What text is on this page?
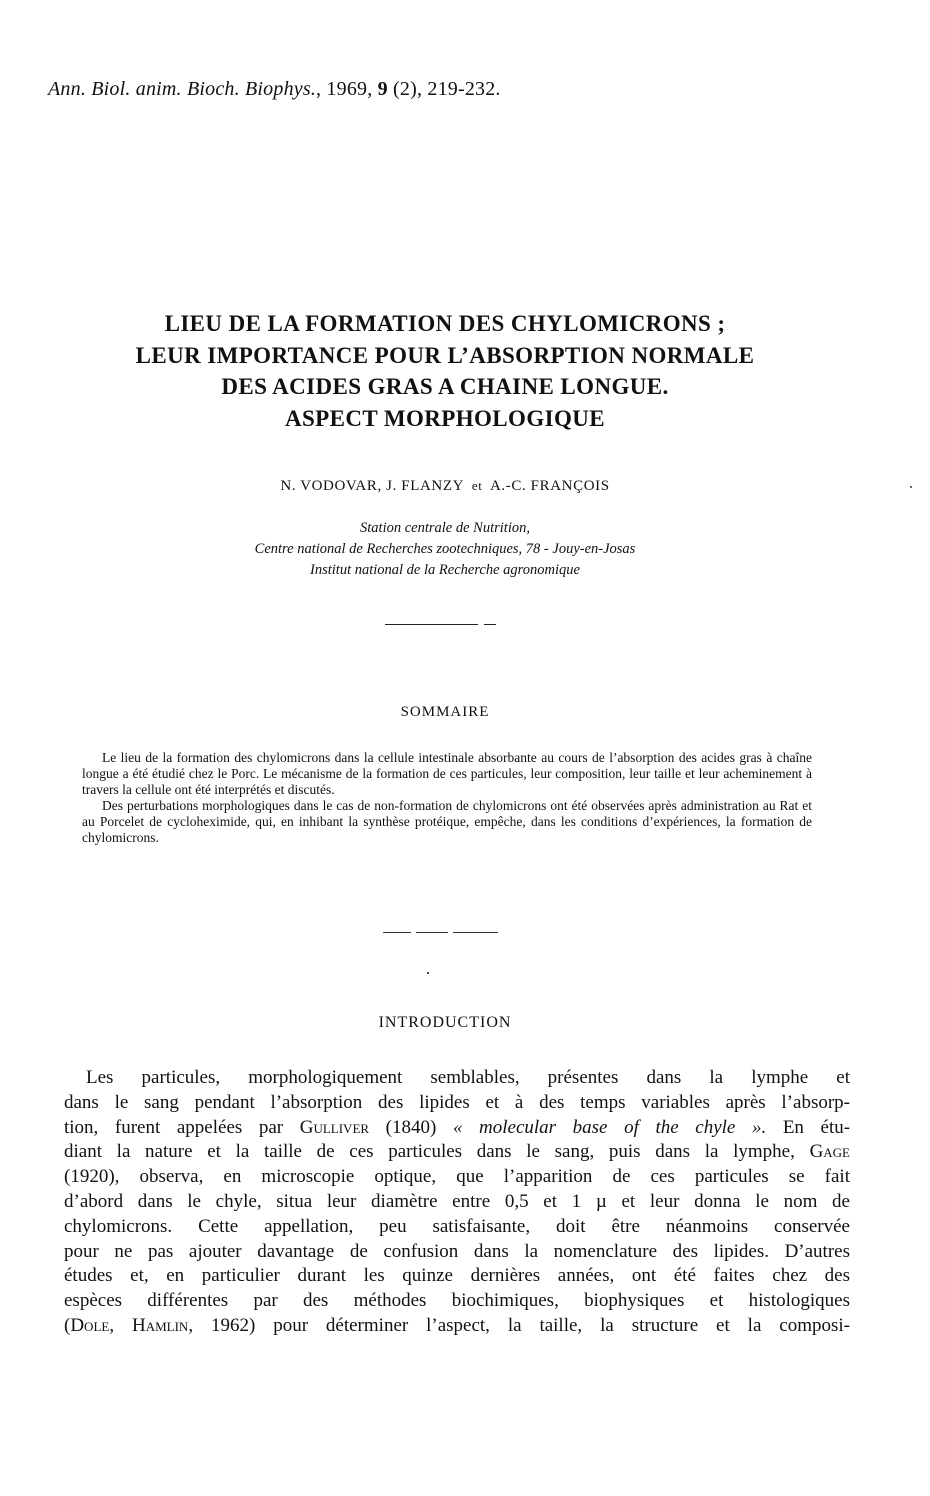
Ann. Biol. anim. Bioch. Biophys., 1969, 9 (2), 219-232.
LIEU DE LA FORMATION DES CHYLOMICRONS ;
LEUR IMPORTANCE POUR L’ABSORPTION NORMALE
DES ACIDES GRAS A CHAINE LONGUE.
ASPECT MORPHOLOGIQUE
N. VODOVAR, J. FLANZY et A.-C. FRANÇOIS
Station centrale de Nutrition,
Centre national de Recherches zootechniques, 78 - Jouy-en-Josas
Institut national de la Recherche agronomique
SOMMAIRE

Le lieu de la formation des chylomicrons dans la cellule intestinale absorbante au cours de l’absorption des acides gras à chaîne longue a été étudié chez le Porc. Le mécanisme de la formation de ces particules, leur composition, leur taille et leur acheminement à travers la cellule ont été interprétés et discutés.

Des perturbations morphologiques dans le cas de non-formation de chylomicrons ont été observées après administration au Rat et au Porcelet de cycloheximide, qui, en inhibant la synthèse protéique, empêche, dans les conditions d’expériences, la formation de chylomicrons.

INTRODUCTION
Les particules, morphologiquement semblables, présentes dans la lymphe et
dans le sang pendant l’absorption des lipides et à des temps variables après l’absorp-
tion, furent appelées par Gulliver (1840) « molecular base of the chyle ». En étu-
diant la nature et la taille de ces particules dans le sang, puis dans la lymphe, Gage
(1920), observa, en microscopie optique, que l’apparition de ces particules se fait
d’abord dans le chyle, situa leur diamètre entre 0,5 et 1 µ et leur donna le nom de
chylomicrons. Cette appellation, peu satisfaisante, doit être néanmoins conservée
pour ne pas ajouter davantage de confusion dans la nomenclature des lipides. D’autres
études et, en particulier durant les quinze dernières années, ont été faites chez des
espèces différentes par des méthodes biochimiques, biophysiques et histologiques
(Dole, Hamlin, 1962) pour déterminer l’aspect, la taille, la structure et la composi-
